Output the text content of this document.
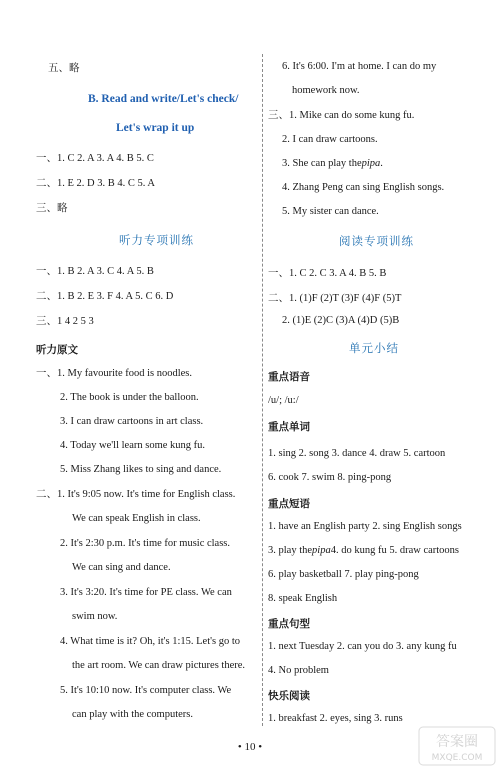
五、略
B. Read and write/Let's check/
Let's wrap it up
一、1. C 2. A 3. A 4. B 5. C
二、1. E 2. D 3. B 4. C 5. A
三、略
听力专项训练
一、1. B 2. A 3. C 4. A 5. B
二、1. B 2. E 3. F 4. A 5. C 6. D
三、1 4 2 5 3
听力原文
一、1. My favourite food is noodles.
2. The book is under the balloon.
3. I can draw cartoons in art class.
4. Today we'll learn some kung fu.
5. Miss Zhang likes to sing and dance.
二、1. It's 9:05 now. It's time for English class.
We can speak English in class.
2. It's 2:30 p.m. It's time for music class.
We can sing and dance.
3. It's 3:20. It's time for PE class. We can
swim now.
4. What time is it? Oh, it's 1:15. Let's go to
the art room. We can draw pictures there.
5. It's 10:10 now. It's computer class. We
can play with the computers.
6. It's 6:00. I'm at home. I can do my
homework now.
三、1. Mike can do some kung fu.
2. I can draw cartoons.
3. She can play the pipa .
4. Zhang Peng can sing English songs.
5. My sister can dance.
阅读专项训练
一、1. C 2. C 3. A 4. B 5. B
二、1. (1)F (2)T (3)F (4)F (5)T
2. (1)E (2)C (3)A (4)D (5)B
单元小结
重点语音
/u/; /u:/
重点单词
1. sing 2. song 3. dance 4. draw 5. cartoon
6. cook 7. swim 8. ping-pong
重点短语
1. have an English party 2. sing English songs
3. play the pipa 4. do kung fu 5. draw cartoons
6. play basketball 7. play ping-pong
8. speak English
重点句型
1. next Tuesday 2. can you do 3. any kung fu
4. No problem
快乐阅读
1. breakfast 2. eyes, sing 3. runs
• 10 •	答案圈
MXQE.COM
